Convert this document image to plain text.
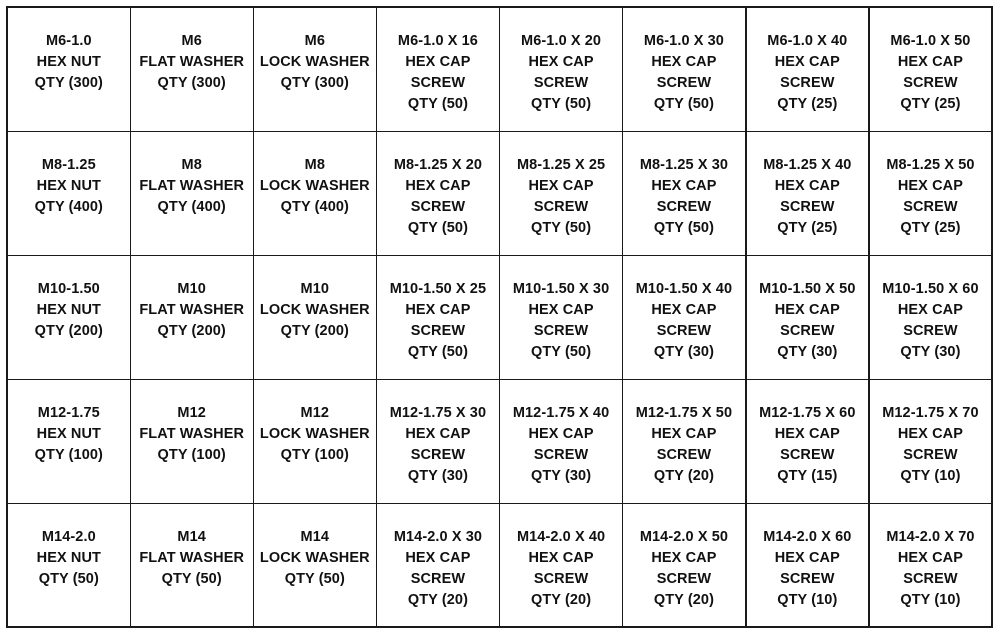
M6-1.0
HEX NUT
QTY (300)	M6
FLAT WASHER
QTY (300)	M6
LOCK WASHER
QTY (300)	M6-1.0 X 16
HEX CAP
SCREW
QTY (50)	M6-1.0 X 20
HEX CAP
SCREW
QTY (50)	M6-1.0 X 30
HEX CAP
SCREW
QTY (50)	M6-1.0 X 40
HEX CAP
SCREW
QTY (25)	M6-1.0 X 50
HEX CAP
SCREW
QTY (25)

M8-1.25
HEX NUT
QTY (400)	M8
FLAT WASHER
QTY (400)	M8
LOCK WASHER
QTY (400)	M8-1.25 X 20
HEX CAP
SCREW
QTY (50)	M8-1.25 X 25
HEX CAP
SCREW
QTY (50)	M8-1.25 X 30
HEX CAP
SCREW
QTY (50)	M8-1.25 X 40
HEX CAP
SCREW
QTY (25)	M8-1.25 X 50
HEX CAP
SCREW
QTY (25)

M10-1.50
HEX NUT
QTY (200)	M10
FLAT WASHER
QTY (200)	M10
LOCK WASHER
QTY (200)	M10-1.50 X 25
HEX CAP
SCREW
QTY (50)	M10-1.50 X 30
HEX CAP
SCREW
QTY (50)	M10-1.50 X 40
HEX CAP
SCREW
QTY (30)	M10-1.50 X 50
HEX CAP
SCREW
QTY (30)	M10-1.50 X 60
HEX CAP
SCREW
QTY (30)

M12-1.75
HEX NUT
QTY (100)	M12
FLAT WASHER
QTY (100)	M12
LOCK WASHER
QTY (100)	M12-1.75 X 30
HEX CAP
SCREW
QTY (30)	M12-1.75 X 40
HEX CAP
SCREW
QTY (30)	M12-1.75 X 50
HEX CAP
SCREW
QTY (20)	M12-1.75 X 60
HEX CAP
SCREW
QTY (15)	M12-1.75 X 70
HEX CAP
SCREW
QTY (10)

M14-2.0
HEX NUT
QTY (50)	M14
FLAT WASHER
QTY (50)	M14
LOCK WASHER
QTY (50)	M14-2.0 X 30
HEX CAP
SCREW
QTY (20)	M14-2.0 X 40
HEX CAP
SCREW
QTY (20)	M14-2.0 X 50
HEX CAP
SCREW
QTY (20)	M14-2.0 X 60
HEX CAP
SCREW
QTY (10)	M14-2.0 X 70
HEX CAP
SCREW
QTY (10)
